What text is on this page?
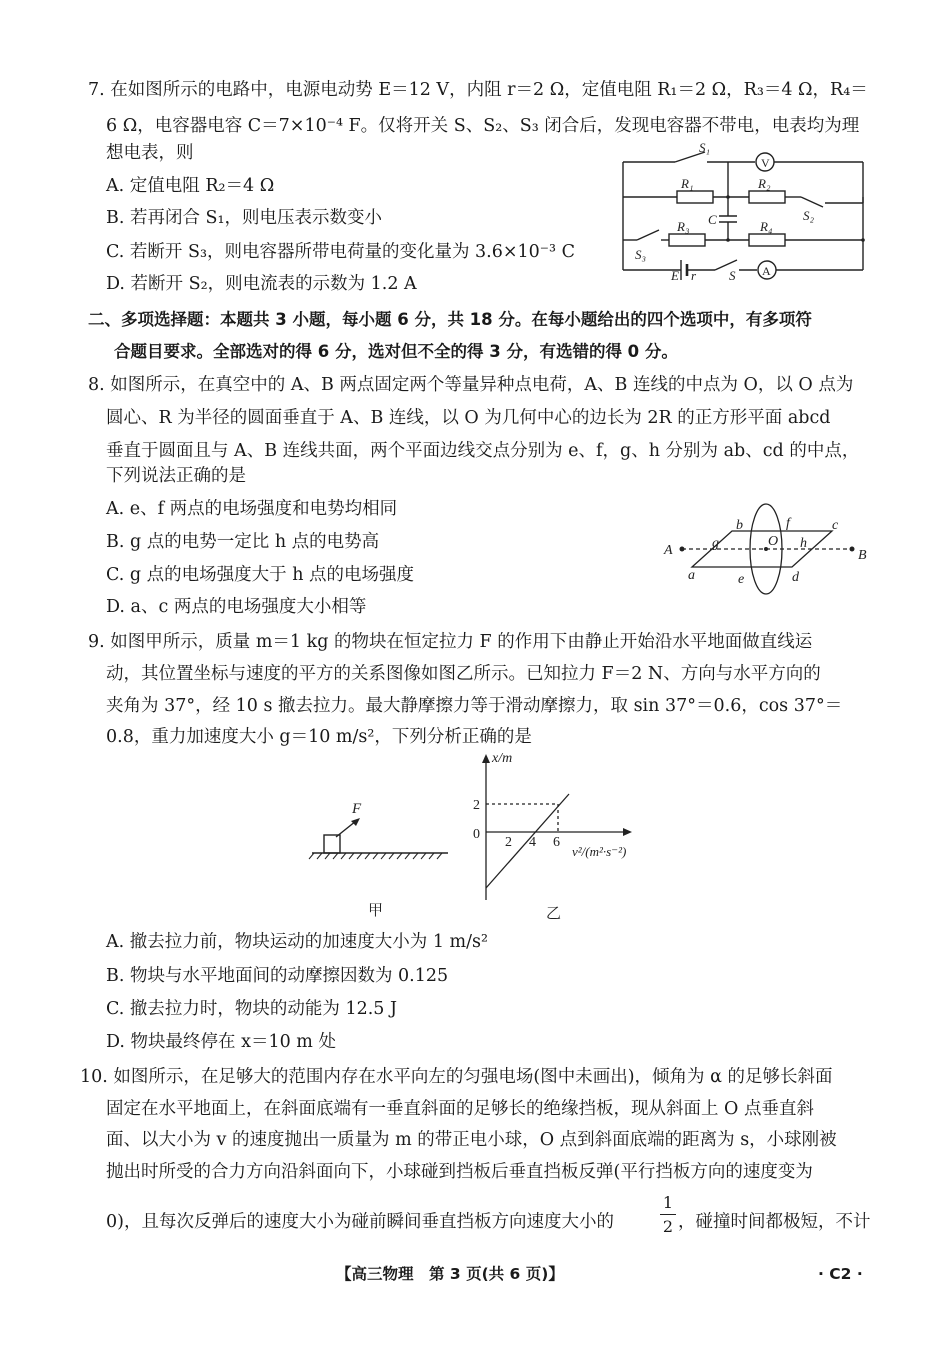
7. 在如图所示的电路中，电源电动势 E＝12 V，内阻 r＝2 Ω，定值电阻 R₁＝2 Ω，R₃＝4 Ω，R₄＝
6 Ω，电容器电容 C＝7×10⁻⁴ F。仅将开关 S、S₂、S₃ 闭合后，发现电容器不带电，电表均为理
想电表，则
A. 定值电阻 R₂＝4 Ω
B. 若再闭合 S₁，则电压表示数变小
C. 若断开 S₃，则电容器所带电荷量的变化量为 3.6×10⁻³ C
D. 若断开 S₂，则电流表的示数为 1.2 A
S₁
V
R₁	R₂
S₂
C
R₃	R₄
S₃
E r	S A
二、多项选择题：本题共 3 小题，每小题 6 分，共 18 分。在每小题给出的四个选项中，有多项符
合题目要求。全部选对的得 6 分，选对但不全的得 3 分，有选错的得 0 分。
8. 如图所示，在真空中的 A、B 两点固定两个等量异种点电荷，A、B 连线的中点为 O，以 O 点为
圆心、R 为半径的圆面垂直于 A、B 连线，以 O 为几何中心的边长为 2R 的正方形平面 abcd
垂直于圆面且与 A、B 连线共面，两个平面边线交点分别为 e、f，g、h 分别为 ab、cd 的中点，
下列说法正确的是
A. e、f 两点的电场强度和电势均相同
B. g 点的电势一定比 h 点的电势高
C. g 点的电场强度大于 h 点的电场强度
D. a、c 两点的电场强度大小相等
A	B
O
a
b	c
d
e
f
g	h
9. 如图甲所示，质量 m＝1 kg 的物块在恒定拉力 F 的作用下由静止开始沿水平地面做直线运
动，其位置坐标与速度的平方的关系图像如图乙所示。已知拉力 F＝2 N、方向与水平方向的
夹角为 37°，经 10 s 撤去拉力。最大静摩擦力等于滑动摩擦力，取 sin 37°＝0.6，cos 37°＝
0.8，重力加速度大小 g＝10 m/s²，下列分析正确的是
F
甲
x/m
v²/(m²·s⁻²)
0
2
2 4 6
乙
A. 撤去拉力前，物块运动的加速度大小为 1 m/s²
B. 物块与水平地面间的动摩擦因数为 0.125
C. 撤去拉力时，物块的动能为 12.5 J
D. 物块最终停在 x＝10 m 处
10. 如图所示，在足够大的范围内存在水平向左的匀强电场(图中未画出)，倾角为 α 的足够长斜面
固定在水平地面上，在斜面底端有一垂直斜面的足够长的绝缘挡板，现从斜面上 O 点垂直斜
面、以大小为 v 的速度抛出一质量为 m 的带正电小球，O 点到斜面底端的距离为 s，小球刚被
抛出时所受的合力方向沿斜面向下，小球碰到挡板后垂直挡板反弹(平行挡板方向的速度变为
0)，且每次反弹后的速度大小为碰前瞬间垂直挡板方向速度大小的
1
2 ，碰撞时间都极短，不计
【高三物理　第 3 页(共 6 页)】	· C2 ·
